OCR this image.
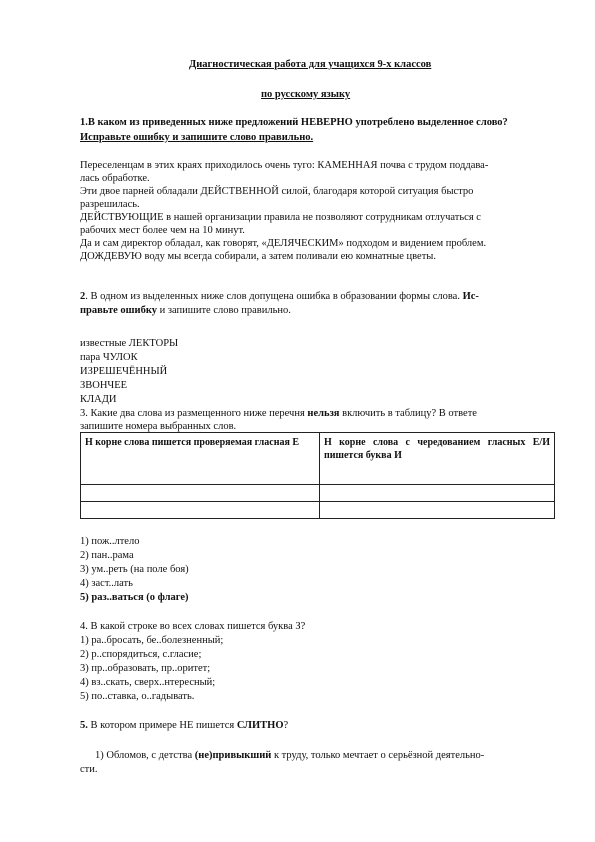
Диагностическая работа для учащихся 9-х классов
по русскому языку
1.В каком из приведенных ниже предложений НЕВЕРНО употреблено выделенное слово?
Исправьте ошибку и запишите слово правильно.
Переселенцам в этих краях приходилось очень туго: КАМЕННАЯ почва с трудом поддава-
лась обработке.
Эти двое парней обладали ДЕЙСТВЕННОЙ силой, благодаря которой ситуация быстро
разрешилась.
ДЕЙСТВУЮЩИЕ в нашей организации правила не позволяют сотрудникам отлучаться с
рабочих мест более чем на 10 минут.
Да и сам директор обладал, как говорят, «ДЕЛЯЧЕСКИМ» подходом и видением проблем.
ДОЖДЕВУЮ воду мы всегда собирали, а затем поливали ею комнатные цветы.
2. В одном из выделенных ниже слов допущена ошибка в образовании формы слова. Ис-
правьте ошибку и запишите слово правильно.
известные ЛЕКТОРЫ
пара ЧУЛОК
ИЗРЕШЕЧЁННЫЙ
ЗВОНЧЕЕ
КЛАДИ
3. Какие два слова из размещенного ниже перечня нельзя включить в таблицу? В ответе
запишите номера выбранных слов.
Н корне слова пишется проверяемая гласная Е	Н корне слова с чередованием гласных Е/И пишется буква И

1) пож..лтело
2) пан..рама
3) ум..реть (на поле боя)
4) заст..лать
5) раз..ваться (о флаге)
4. В какой строке во всех словах пишется буква З?
1) ра..бросать, бе..болезненный;
2) р..спорядиться, с.гласие;
3) пр..образовать, пр..оритет;
4) вз..скать, сверх..нтересный;
5) по..ставка, о..гадывать.
5. В котором примере НЕ пишется СЛИТНО?
1) Обломов, с детства (не)привыкший к труду, только мечтает о серьёзной деятельно-
сти.
